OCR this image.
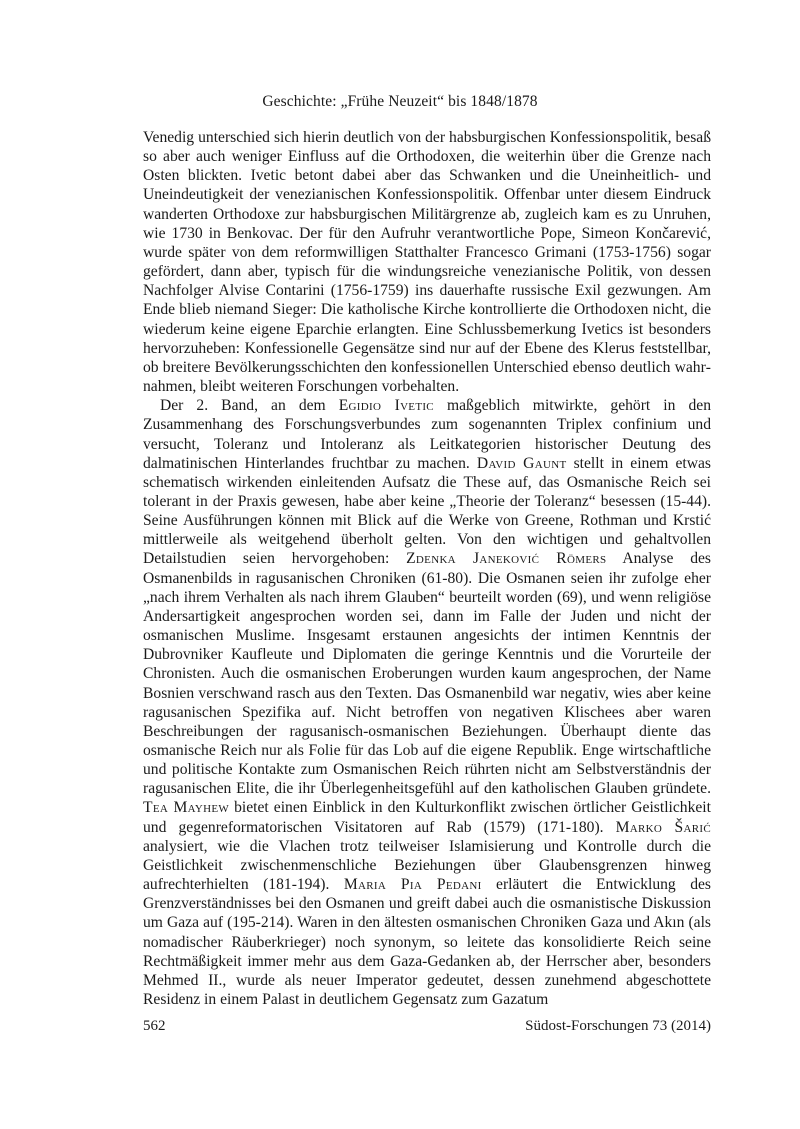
Geschichte: „Frühe Neuzeit“ bis 1848/1878

Venedig unterschied sich hierin deutlich von der habsburgischen Konfessionspolitik, besaß so aber auch weniger Einfluss auf die Orthodoxen, die weiterhin über die Grenze nach Osten blickten. Ivetic betont dabei aber das Schwanken und die Uneinheitlich- und Uneindeutigkeit der venezianischen Konfessionspolitik. Offenbar unter diesem Eindruck wanderten Orthodoxe zur habsburgischen Militärgrenze ab, zugleich kam es zu Unruhen, wie 1730 in Benkovac. Der für den Aufruhr verantwortliche Pope, Simeon Končarević, wurde später von dem reformwilligen Statthalter Francesco Grimani (1753-1756) sogar gefördert, dann aber, typisch für die windungsreiche venezianische Politik, von dessen Nachfolger Alvise Contarini (1756-1759) ins dauerhafte russische Exil gezwungen. Am Ende blieb niemand Sieger: Die katholische Kirche kontrollierte die Orthodoxen nicht, die wiederum keine eigene Eparchie erlangten. Eine Schlussbemerkung Ivetics ist besonders hervorzuheben: Konfessionelle Gegensätze sind nur auf der Ebene des Klerus feststellbar, ob breitere Bevölkerungsschichten den konfessionellen Unterschied ebenso deutlich wahrnahmen, bleibt weiteren Forschungen vorbehalten.

Der 2. Band, an dem Egidio Ivetic maßgeblich mitwirkte, gehört in den Zusammenhang des Forschungsverbundes zum sogenannten Triplex confinium und versucht, Toleranz und Intoleranz als Leitkategorien historischer Deutung des dalmatinischen Hinterlandes fruchtbar zu machen. David Gaunt stellt in einem etwas schematisch wirkenden einleitenden Aufsatz die These auf, das Osmanische Reich sei tolerant in der Praxis gewesen, habe aber keine „Theorie der Toleranz“ besessen (15-44). Seine Ausführungen können mit Blick auf die Werke von Greene, Rothman und Krstić mittlerweile als weitgehend überholt gelten. Von den wichtigen und gehaltvollen Detailstudien seien hervorgehoben: Zdenka Janeković Römers Analyse des Osmanenbilds in ragusanischen Chroniken (61-80). Die Osmanen seien ihr zufolge eher „nach ihrem Verhalten als nach ihrem Glauben“ beurteilt worden (69), und wenn religiöse Andersartigkeit angesprochen worden sei, dann im Falle der Juden und nicht der osmanischen Muslime. Insgesamt erstaunen angesichts der intimen Kenntnis der Dubrovniker Kaufleute und Diplomaten die geringe Kenntnis und die Vorurteile der Chronisten. Auch die osmanischen Eroberungen wurden kaum angesprochen, der Name Bosnien verschwand rasch aus den Texten. Das Osmanenbild war negativ, wies aber keine ragusanischen Spezifika auf. Nicht betroffen von negativen Klischees aber waren Beschreibungen der ragusanisch-osmanischen Beziehungen. Überhaupt diente das osmanische Reich nur als Folie für das Lob auf die eigene Republik. Enge wirtschaftliche und politische Kontakte zum Osmanischen Reich rührten nicht am Selbstverständnis der ragusanischen Elite, die ihr Überlegenheitsgefühl auf den katholischen Glauben gründete. Tea Mayhew bietet einen Einblick in den Kulturkonflikt zwischen örtlicher Geistlichkeit und gegenreformatorischen Visitatoren auf Rab (1579) (171-180). Marko Šarić analysiert, wie die Vlachen trotz teilweiser Islamisierung und Kontrolle durch die Geistlichkeit zwischenmenschliche Beziehungen über Glaubensgrenzen hinweg aufrechterhielten (181-194). Maria Pia Pedani erläutert die Entwicklung des Grenzverständnisses bei den Osmanen und greift dabei auch die osmanistische Diskussion um Gaza auf (195-214). Waren in den ältesten osmanischen Chroniken Gaza und Akın (als nomadischer Räuberkrieger) noch synonym, so leitete das konsolidierte Reich seine Rechtmäßigkeit immer mehr aus dem Gaza-Gedanken ab, der Herrscher aber, besonders Mehmed II., wurde als neuer Imperator gedeutet, dessen zunehmend abgeschottete Residenz in einem Palast in deutlichem Gegensatz zum Gazatum

562	Südost-Forschungen 73 (2014)
